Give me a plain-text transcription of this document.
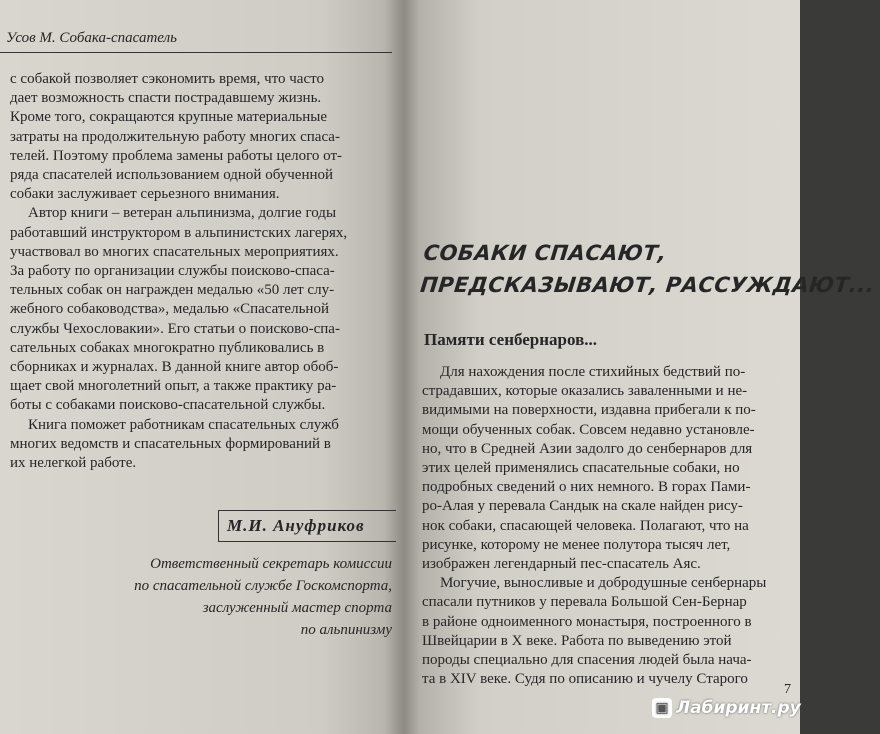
Усов М. Собака-спасатель

с собакой позволяет сэкономить время, что часто

дает возможность спасти пострадавшему жизнь.

Кроме того, сокращаются крупные материальные

затраты на продолжительную работу многих спаса-

телей. Поэтому проблема замены работы целого от-

ряда спасателей использованием одной обученной

собаки заслуживает серьезного внимания.

Автор книги – ветеран альпинизма, долгие годы

работавший инструктором в альпинистских лагерях,

участвовал во многих спасательных мероприятиях.

За работу по организации службы поисково-спаса-

тельных собак он награжден медалью «50 лет слу-

жебного собаководства», медалью «Спасательной

службы Чехословакии». Его статьи о поисково-спа-

сательных собаках многократно публиковались в

сборниках и журналах. В данной книге автор обоб-

щает свой многолетний опыт, а также практику ра-

боты с собаками поисково-спасательной службы.

Книга поможет работникам спасательных служб

многих ведомств и спасательных формирований в

их нелегкой работе.

М.И. Ануфриков
Ответственный секретарь комиссии
по спасательной службе Госкомспорта,
заслуженный мастер спорта
по альпинизму
СОБАКИ СПАСАЮТ,
ПРЕДСКАЗЫВАЮТ, РАССУЖДАЮТ...
Памяти сенбернаров...

Для нахождения после стихийных бедствий по-

страдавших, которые оказались заваленными и не-

видимыми на поверхности, издавна прибегали к по-

мощи обученных собак. Совсем недавно установле-

но, что в Средней Азии задолго до сенбернаров для

этих целей применялись спасательные собаки, но

подробных сведений о них немного. В горах Пами-

ро-Алая у перевала Сандык на скале найден рису-

нок собаки, спасающей человека. Полагают, что на

рисунке, которому не менее полутора тысяч лет,

изображен легендарный пес-спасатель Аяс.

Могучие, выносливые и добродушные сенбернары

спасали путников у перевала Большой Сен-Бернар

в районе одноименного монастыря, построенного в

Швейцарии в X веке. Работа по выведению этой

породы специально для спасения людей была нача-

та в XIV веке. Судя по описанию и чучелу Старого

7
▣ Лабиринт.ру
